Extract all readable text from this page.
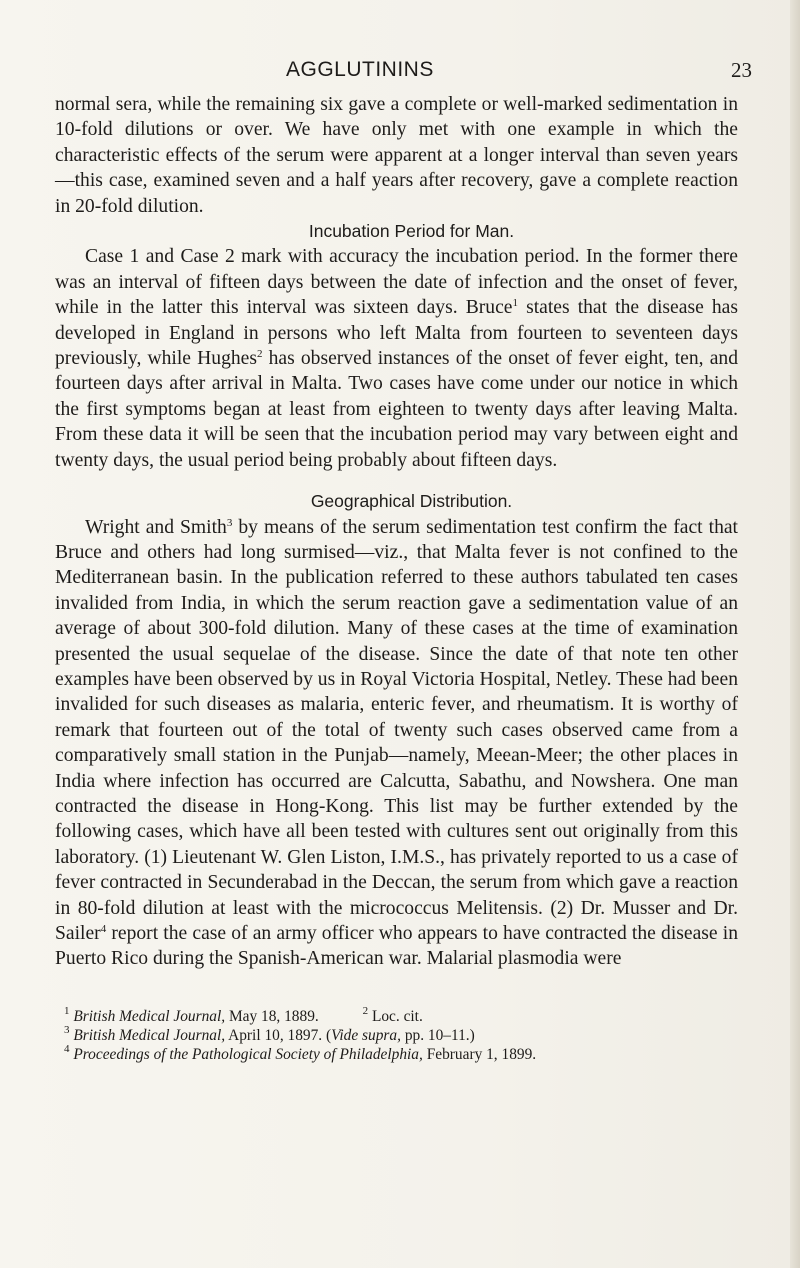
AGGLUTININS	23

normal sera, while the remaining six gave a complete or well-marked sedimentation in 10-fold dilutions or over. We have only met with one example in which the characteristic effects of the serum were apparent at a longer interval than seven years—this case, examined seven and a half years after recovery, gave a complete reaction in 20-fold dilution.

Incubation Period for Man.

Case 1 and Case 2 mark with accuracy the incubation period. In the former there was an interval of fifteen days between the date of infection and the onset of fever, while in the latter this interval was sixteen days. Bruce$^1$ states that the disease has developed in England in persons who left Malta from fourteen to seventeen days previously, while Hughes$^2$ has observed instances of the onset of fever eight, ten, and fourteen days after arrival in Malta. Two cases have come under our notice in which the first symptoms began at least from eighteen to twenty days after leaving Malta. From these data it will be seen that the incubation period may vary between eight and twenty days, the usual period being probably about fifteen days.

Geographical Distribution.

Wright and Smith$^3$ by means of the serum sedimentation test confirm the fact that Bruce and others had long surmised—viz., that Malta fever is not confined to the Mediterranean basin. In the publication referred to these authors tabulated ten cases invalided from India, in which the serum reaction gave a sedimentation value of an average of about 300-fold dilution. Many of these cases at the time of examination presented the usual sequelae of the disease. Since the date of that note ten other examples have been observed by us in Royal Victoria Hospital, Netley. These had been invalided for such diseases as malaria, enteric fever, and rheumatism. It is worthy of remark that fourteen out of the total of twenty such cases observed came from a comparatively small station in the Punjab—namely, Meean-Meer; the other places in India where infection has occurred are Calcutta, Sabathu, and Nowshera. One man contracted the disease in Hong-Kong. This list may be further extended by the following cases, which have all been tested with cultures sent out originally from this laboratory. (1) Lieutenant W. Glen Liston, I.M.S., has privately reported to us a case of fever contracted in Secunderabad in the Deccan, the serum from which gave a reaction in 80-fold dilution at least with the micrococcus Melitensis. (2) Dr. Musser and Dr. Sailer$^4$ report the case of an army officer who appears to have contracted the disease in Puerto Rico during the Spanish-American war. Malarial plasmodia were

$^1$ British Medical Journal, May 18, 1889.	$^2$ Loc. cit.

$^3$ British Medical Journal, April 10, 1897. (Vide supra, pp. 10–11.)

$^4$ Proceedings of the Pathological Society of Philadelphia, February 1, 1899.
